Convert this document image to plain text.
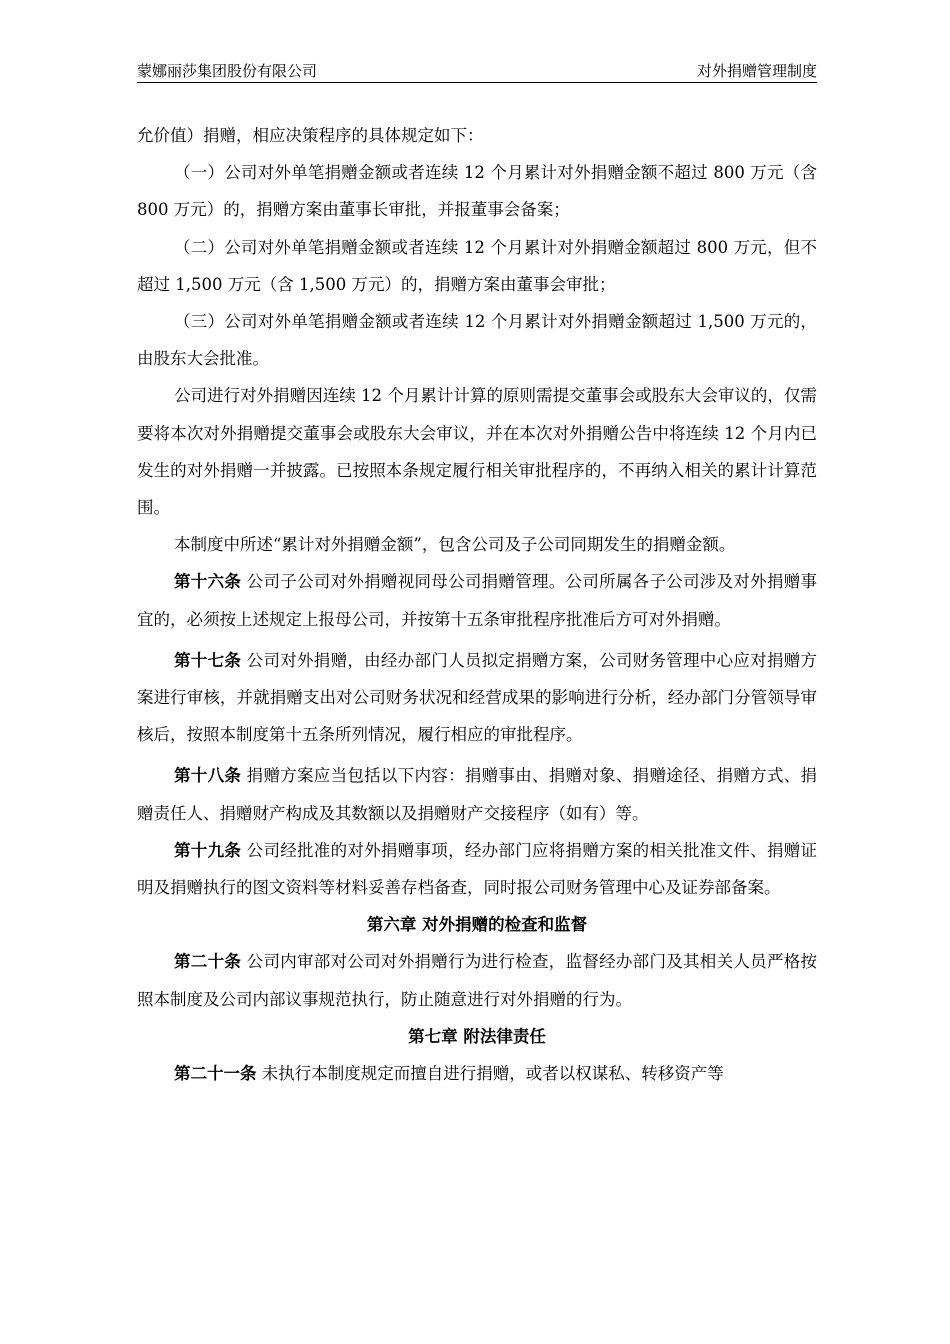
蒙娜丽莎集团股份有限公司	对外捐赠管理制度

允价值）捐赠，相应决策程序的具体规定如下：

（一）公司对外单笔捐赠金额或者连续 12 个月累计对外捐赠金额不超过 800 万元（含 800 万元）的，捐赠方案由董事长审批，并报董事会备案；

（二）公司对外单笔捐赠金额或者连续 12 个月累计对外捐赠金额超过 800 万元，但不超过 1,500 万元（含 1,500 万元）的，捐赠方案由董事会审批；

（三）公司对外单笔捐赠金额或者连续 12 个月累计对外捐赠金额超过 1,500 万元的，由股东大会批准。

公司进行对外捐赠因连续 12 个月累计计算的原则需提交董事会或股东大会审议的，仅需要将本次对外捐赠提交董事会或股东大会审议，并在本次对外捐赠公告中将连续 12 个月内已发生的对外捐赠一并披露。已按照本条规定履行相关审批程序的，不再纳入相关的累计计算范围。

本制度中所述“累计对外捐赠金额”，包含公司及子公司同期发生的捐赠金额。

第十六条 公司子公司对外捐赠视同母公司捐赠管理。公司所属各子公司涉及对外捐赠事宜的，必须按上述规定上报母公司，并按第十五条审批程序批准后方可对外捐赠。

第十七条 公司对外捐赠，由经办部门人员拟定捐赠方案，公司财务管理中心应对捐赠方案进行审核，并就捐赠支出对公司财务状况和经营成果的影响进行分析，经办部门分管领导审核后，按照本制度第十五条所列情况，履行相应的审批程序。

第十八条 捐赠方案应当包括以下内容：捐赠事由、捐赠对象、捐赠途径、捐赠方式、捐赠责任人、捐赠财产构成及其数额以及捐赠财产交接程序（如有）等。

第十九条 公司经批准的对外捐赠事项，经办部门应将捐赠方案的相关批准文件、捐赠证明及捐赠执行的图文资料等材料妥善存档备查，同时报公司财务管理中心及证券部备案。

第六章 对外捐赠的检查和监督

第二十条 公司内审部对公司对外捐赠行为进行检查，监督经办部门及其相关人员严格按照本制度及公司内部议事规范执行，防止随意进行对外捐赠的行为。

第七章 附法律责任

第二十一条 未执行本制度规定而擅自进行捐赠，或者以权谋私、转移资产等
